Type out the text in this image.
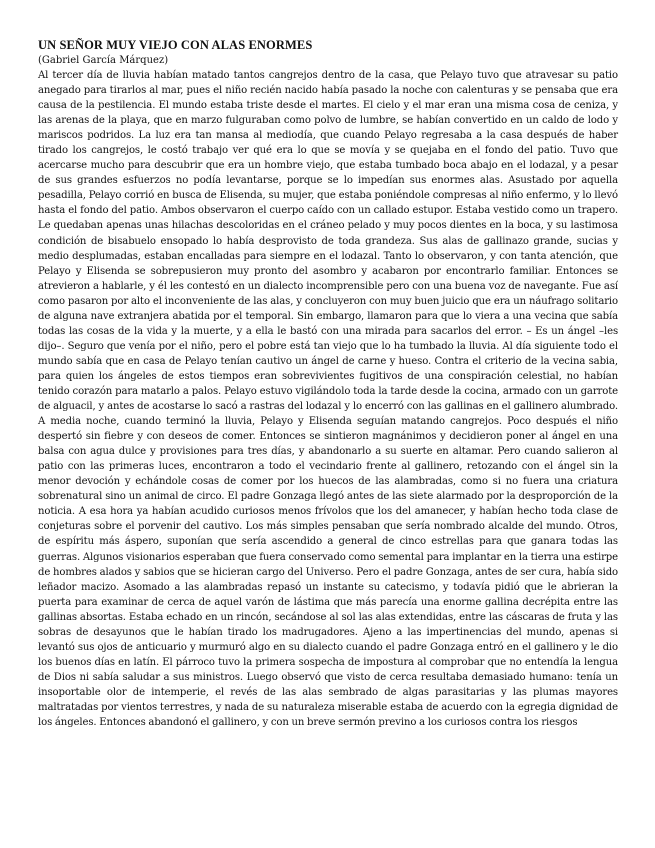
UN SEÑOR MUY VIEJO CON ALAS ENORMES

(Gabriel García Márquez)

Al tercer día de lluvia habían matado tantos cangrejos dentro de la casa, que Pelayo tuvo que atravesar su patio anegado para tirarlos al mar, pues el niño recién nacido había pasado la noche con calenturas y se pensaba que era causa de la pestilencia. El mundo estaba triste desde el martes. El cielo y el mar eran una misma cosa de ceniza, y las arenas de la playa, que en marzo fulguraban como polvo de lumbre, se habían convertido en un caldo de lodo y mariscos podridos. La luz era tan mansa al mediodía, que cuando Pelayo regresaba a la casa después de haber tirado los cangrejos, le costó trabajo ver qué era lo que se movía y se quejaba en el fondo del patio. Tuvo que acercarse mucho para descubrir que era un hombre viejo, que estaba tumbado boca abajo en el lodazal, y a pesar de sus grandes esfuerzos no podía levantarse, porque se lo impedían sus enormes alas. Asustado por aquella pesadilla, Pelayo corrió en busca de Elisenda, su mujer, que estaba poniéndole compresas al niño enfermo, y lo llevó hasta el fondo del patio. Ambos observaron el cuerpo caído con un callado estupor. Estaba vestido como un trapero. Le quedaban apenas unas hilachas descoloridas en el cráneo pelado y muy pocos dientes en la boca, y su lastimosa condición de bisabuelo ensopado lo había desprovisto de toda grandeza. Sus alas de gallinazo grande, sucias y medio desplumadas, estaban encalladas para siempre en el lodazal. Tanto lo observaron, y con tanta atención, que Pelayo y Elisenda se sobrepusieron muy pronto del asombro y acabaron por encontrarlo familiar. Entonces se atrevieron a hablarle, y él les contestó en un dialecto incomprensible pero con una buena voz de navegante. Fue así como pasaron por alto el inconveniente de las alas, y concluyeron con muy buen juicio que era un náufrago solitario de alguna nave extranjera abatida por el temporal. Sin embargo, llamaron para que lo viera a una vecina que sabía todas las cosas de la vida y la muerte, y a ella le bastó con una mirada para sacarlos del error. – Es un ángel –les dijo–. Seguro que venía por el niño, pero el pobre está tan viejo que lo ha tumbado la lluvia. Al día siguiente todo el mundo sabía que en casa de Pelayo tenían cautivo un ángel de carne y hueso. Contra el criterio de la vecina sabia, para quien los ángeles de estos tiempos eran sobrevivientes fugitivos de una conspiración celestial, no habían tenido corazón para matarlo a palos. Pelayo estuvo vigilándolo toda la tarde desde la cocina, armado con un garrote de alguacil, y antes de acostarse lo sacó a rastras del lodazal y lo encerró con las gallinas en el gallinero alumbrado. A media noche, cuando terminó la lluvia, Pelayo y Elisenda seguían matando cangrejos. Poco después el niño despertó sin fiebre y con deseos de comer. Entonces se sintieron magnánimos y decidieron poner al ángel en una balsa con agua dulce y provisiones para tres días, y abandonarlo a su suerte en altamar. Pero cuando salieron al patio con las primeras luces, encontraron a todo el vecindario frente al gallinero, retozando con el ángel sin la menor devoción y echándole cosas de comer por los huecos de las alambradas, como si no fuera una criatura sobrenatural sino un animal de circo. El padre Gonzaga llegó antes de las siete alarmado por la desproporción de la noticia. A esa hora ya habían acudido curiosos menos frívolos que los del amanecer, y habían hecho toda clase de conjeturas sobre el porvenir del cautivo. Los más simples pensaban que sería nombrado alcalde del mundo. Otros, de espíritu más áspero, suponían que sería ascendido a general de cinco estrellas para que ganara todas las guerras. Algunos visionarios esperaban que fuera conservado como semental para implantar en la tierra una estirpe de hombres alados y sabios que se hicieran cargo del Universo. Pero el padre Gonzaga, antes de ser cura, había sido leñador macizo. Asomado a las alambradas repasó un instante su catecismo, y todavía pidió que le abrieran la puerta para examinar de cerca de aquel varón de lástima que más parecía una enorme gallina decrépita entre las gallinas absortas. Estaba echado en un rincón, secándose al sol las alas extendidas, entre las cáscaras de fruta y las sobras de desayunos que le habían tirado los madrugadores. Ajeno a las impertinencias del mundo, apenas si levantó sus ojos de anticuario y murmuró algo en su dialecto cuando el padre Gonzaga entró en el gallinero y le dio los buenos días en latín. El párroco tuvo la primera sospecha de impostura al comprobar que no entendía la lengua de Dios ni sabía saludar a sus ministros. Luego observó que visto de cerca resultaba demasiado humano: tenía un insoportable olor de intemperie, el revés de las alas sembrado de algas parasitarias y las plumas mayores maltratadas por vientos terrestres, y nada de su naturaleza miserable estaba de acuerdo con la egregia dignidad de los ángeles. Entonces abandonó el gallinero, y con un breve sermón previno a los curiosos contra los riesgos
